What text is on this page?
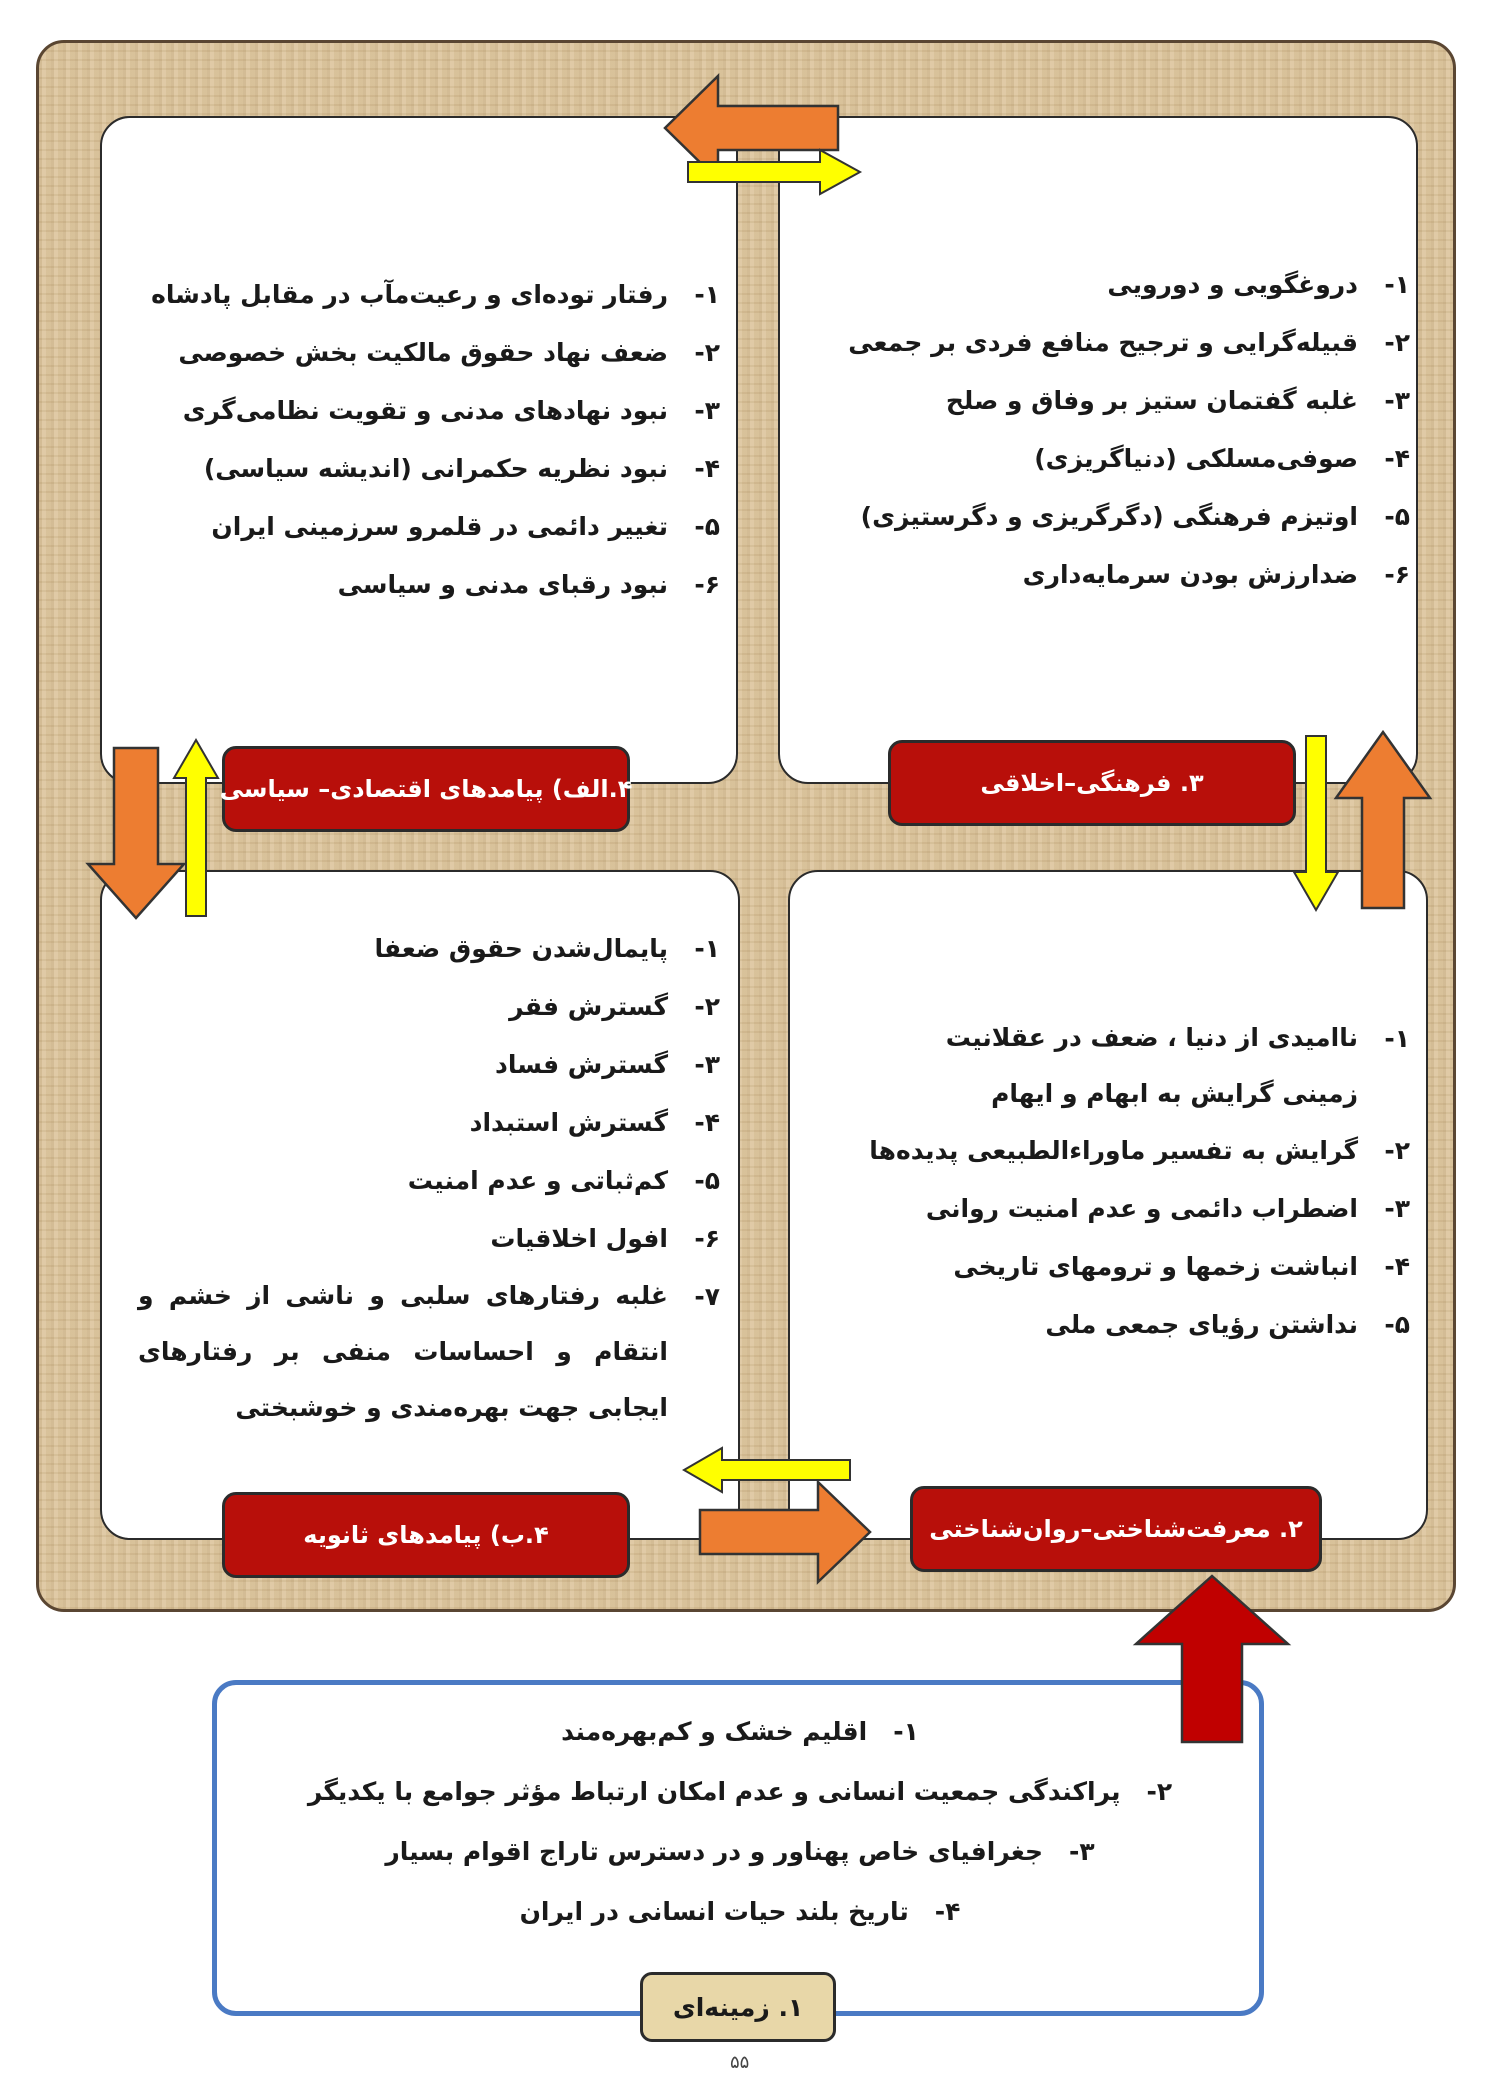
۱-
رفتار توده‌ای و رعیت‌مآب در مقابل پادشاه
۲-
ضعف نهاد حقوق مالکیت بخش خصوصی
۳-
نبود نهادهای مدنی و تقویت نظامی‌گری
۴-
نبود نظریه حکمرانی (اندیشه سیاسی)
۵-
تغییر دائمی در قلمرو سرزمینی ایران
۶-
نبود رقبای مدنی و سیاسی
۱-
دروغگویی و دورویی
۲-
قبیله‌گرایی و ترجیح منافع فردی بر جمعی
۳-
غلبه گفتمان ستیز بر وفاق و صلح
۴-
صوفی‌مسلکی (دنیاگریزی)
۵-
اوتیزم فرهنگی (دگرگریزی و دگرستیزی)
۶-
ضدارزش بودن سرمایه‌داری
۱-
پایمال‌شدن حقوق ضعفا
۲-
گسترش فقر
۳-
گسترش فساد
۴-
گسترش استبداد
۵-
کم‌ثباتی و عدم امنیت
۶-
افول اخلاقیات
۷-
غلبه رفتارهای سلبی و ناشی از خشم و انتقام و احساسات منفی بر رفتارهای ایجابی جهت بهره‌مندی و خوشبختی
۱-
ناامیدی از دنیا ، ضعف در عقلانیت زمینی گرایش به ابهام و ایهام
۲-
گرایش به تفسیر ماوراءالطبیعی پدیده‌ها
۳-
اضطراب دائمی و عدم امنیت روانی
۴-
انباشت زخمها و ترومهای تاریخی
۵-
نداشتن رؤیای جمعی ملی
۴.الف) پیامدهای اقتصادی– سیاسی	۳. فرهنگی–اخلاقی
۴.ب) پیامدهای ثانویه	۲. معرفت‌شناختی–روان‌شناختی
۱-
اقلیم خشک و کم‌بهره‌مند
۲-
پراکندگی جمعیت انسانی و عدم امکان ارتباط مؤثر جوامع با یکدیگر
۳-
جغرافیای خاص پهناور و در دسترس تاراج اقوام بسیار
۴-
تاریخ بلند حیات انسانی در ایران
۱. زمینه‌ای
۵۵
